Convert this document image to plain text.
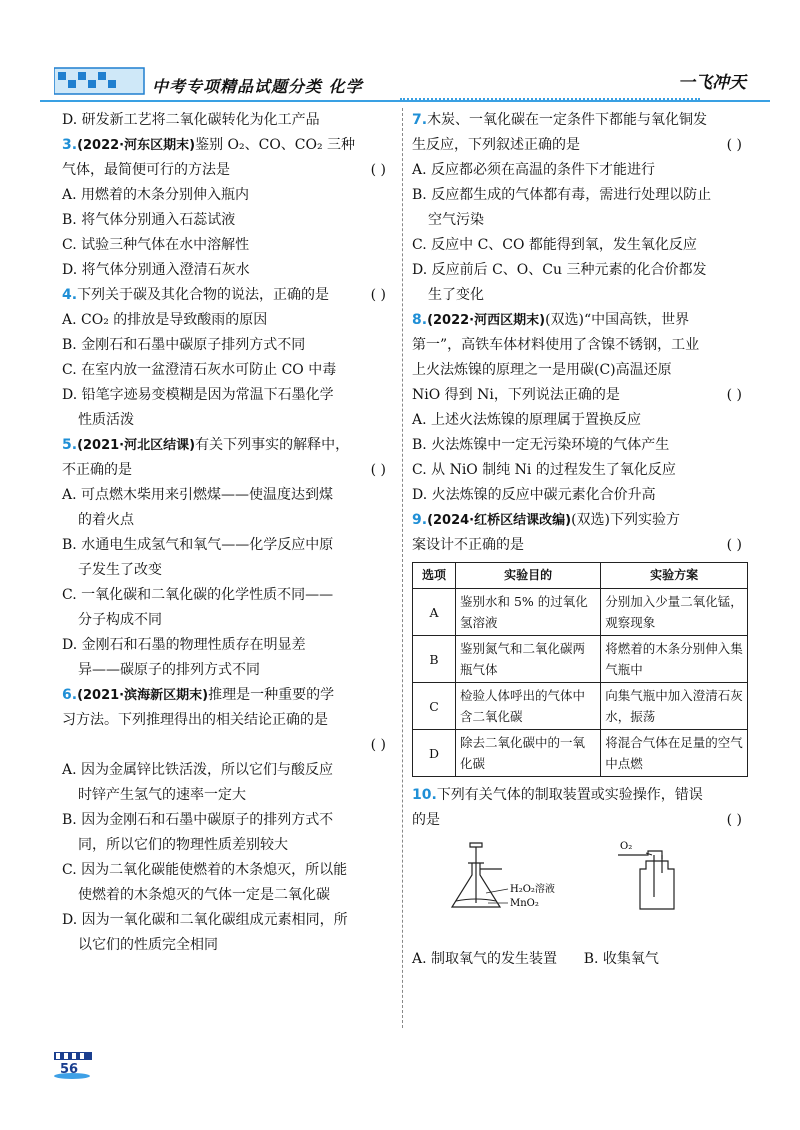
中考专项精品试题分类 化学	一飞冲天
D. 研发新工艺将二氧化碳转化为化工产品
3.(2022·河东区期末)鉴别 O₂、CO、CO₂ 三种
气体，最简便可行的方法是	( )
A. 用燃着的木条分别伸入瓶内
B. 将气体分别通入石蕊试液
C. 试验三种气体在水中溶解性
D. 将气体分别通入澄清石灰水
4.下列关于碳及其化合物的说法，正确的是	( )
A. CO₂ 的排放是导致酸雨的原因
B. 金刚石和石墨中碳原子排列方式不同
C. 在室内放一盆澄清石灰水可防止 CO 中毒
D. 铅笔字迹易变模糊是因为常温下石墨化学
性质活泼
5.(2021·河北区结课)有关下列事实的解释中，
不正确的是	( )
A. 可点燃木柴用来引燃煤——使温度达到煤
的着火点
B. 水通电生成氢气和氧气——化学反应中原
子发生了改变
C. 一氧化碳和二氧化碳的化学性质不同——
分子构成不同
D. 金刚石和石墨的物理性质存在明显差
异——碳原子的排列方式不同
6.(2021·滨海新区期末)推理是一种重要的学
习方法。下列推理得出的相关结论正确的是
( )

A. 因为金属锌比铁活泼，所以它们与酸反应
时锌产生氢气的速率一定大
B. 因为金刚石和石墨中碳原子的排列方式不
同，所以它们的物理性质差别较大
C. 因为二氧化碳能使燃着的木条熄灭，所以能
使燃着的木条熄灭的气体一定是二氧化碳
D. 因为一氧化碳和二氧化碳组成元素相同，所
以它们的性质完全相同
7.木炭、一氧化碳在一定条件下都能与氧化铜发
生反应，下列叙述正确的是	( )
A. 反应都必须在高温的条件下才能进行
B. 反应都生成的气体都有毒，需进行处理以防止
空气污染
C. 反应中 C、CO 都能得到氧，发生氧化反应
D. 反应前后 C、O、Cu 三种元素的化合价都发
生了变化
8.(2022·河西区期末)(双选)“中国高铁，世界
第一”，高铁车体材料使用了含镍不锈钢，工业
上火法炼镍的原理之一是用碳(C)高温还原
NiO 得到 Ni，下列说法正确的是	( )
A. 上述火法炼镍的原理属于置换反应
B. 火法炼镍中一定无污染环境的气体产生
C. 从 NiO 制纯 Ni 的过程发生了氧化反应
D. 火法炼镍的反应中碳元素化合价升高
9.(2024·红桥区结课改编)(双选)下列实验方
案设计不正确的是	( )
选项	实验目的	实验方案
A	鉴别水和 5% 的过氧化氢溶液	分别加入少量二氧化锰，观察现象
B	鉴别氮气和二氧化碳两瓶气体	将燃着的木条分别伸入集气瓶中
C	检验人体呼出的气体中含二氧化碳	向集气瓶中加入澄清石灰水，振荡
D	除去二氧化碳中的一氧化碳	将混合气体在足量的空气中点燃
10.下列有关气体的制取装置或实验操作，错误
的是	( )
H₂O₂溶液
MnO₂
O₂
A. 制取氧气的发生装置 B. 收集氧气
56
